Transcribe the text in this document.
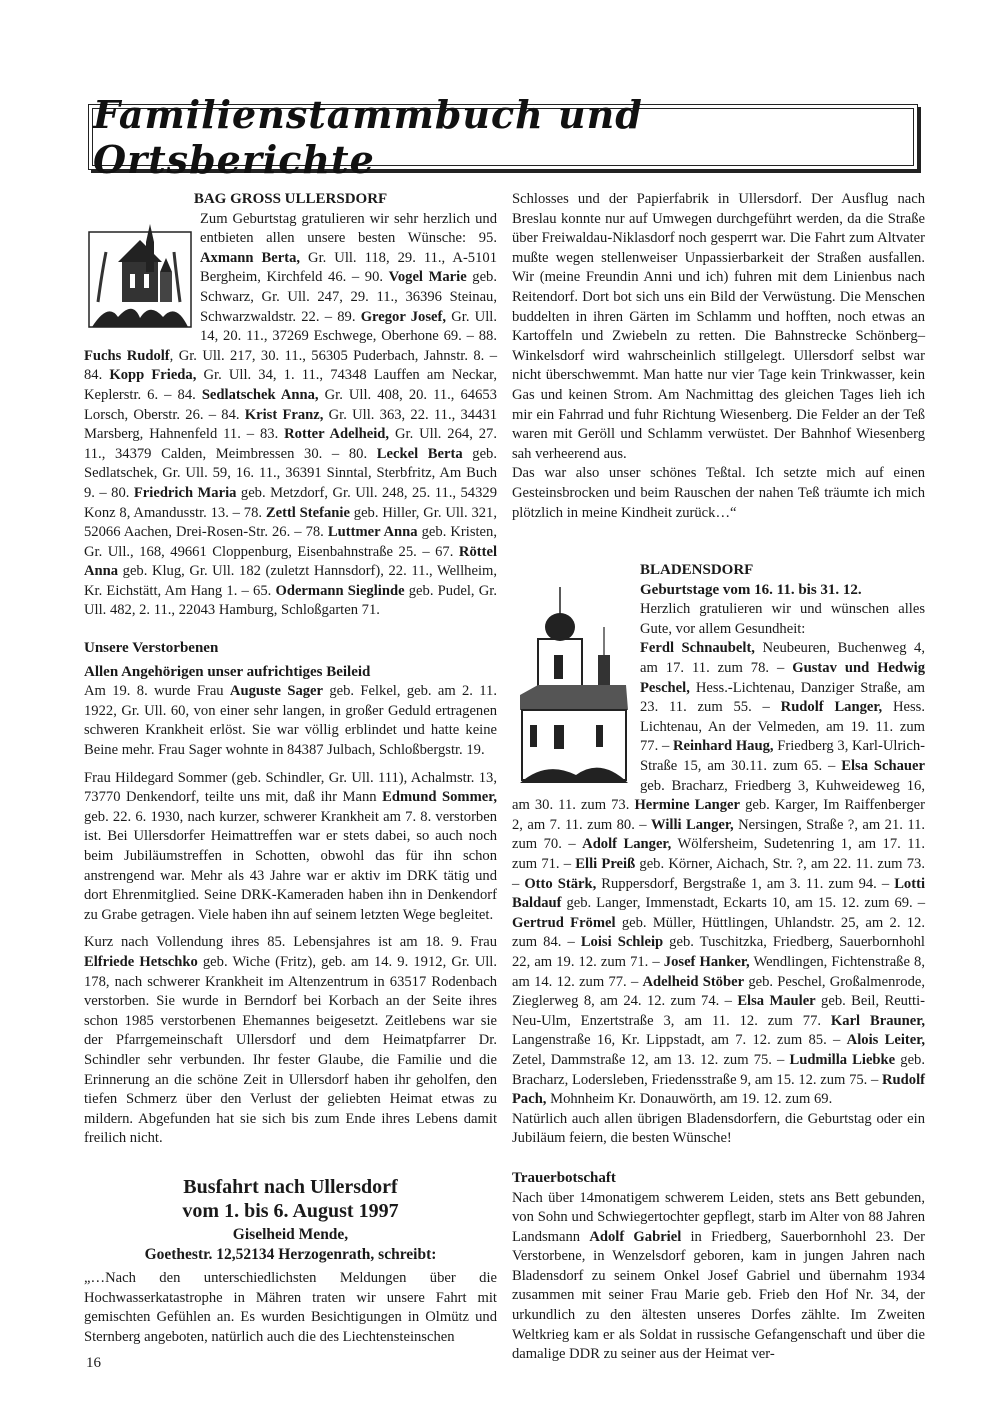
Familienstammbuch und Ortsberichte

BAG GROSS ULLERSDORF

Zum Geburtstag gratulieren wir sehr herzlich und entbieten allen unsere besten Wünsche: 95. Axmann Berta, Gr. Ull. 118, 29. 11., A-5101 Bergheim, Kirchfeld 46. – 90. Vogel Marie geb. Schwarz, Gr. Ull. 247, 29. 11., 36396 Steinau, Schwarzwaldstr. 22. – 89. Gregor Josef, Gr. Ull. 14, 20. 11., 37269 Eschwege, Oberhone 69. – 88. Fuchs Rudolf, Gr. Ull. 217, 30. 11., 56305 Puderbach, Jahnstr. 8. – 84. Kopp Frieda, Gr. Ull. 34, 1. 11., 74348 Lauffen am Neckar, Keplerstr. 6. – 84. Sedlatschek Anna, Gr. Ull. 408, 20. 11., 64653 Lorsch, Oberstr. 26. – 84. Krist Franz, Gr. Ull. 363, 22. 11., 34431 Marsberg, Hahnenfeld 11. – 83. Rotter Adelheid, Gr. Ull. 264, 27. 11., 34379 Calden, Meimbressen 30. – 80. Leckel Berta geb. Sedlatschek, Gr. Ull. 59, 16. 11., 36391 Sinntal, Sterbfritz, Am Buch 9. – 80. Friedrich Maria geb. Metzdorf, Gr. Ull. 248, 25. 11., 54329 Konz 8, Amandusstr. 13. – 78. Zettl Stefanie geb. Hiller, Gr. Ull. 321, 52066 Aachen, Drei-Rosen-Str. 26. – 78. Luttmer Anna geb. Kristen, Gr. Ull., 168, 49661 Cloppenburg, Eisenbahnstraße 25. – 67. Röttel Anna geb. Klug, Gr. Ull. 182 (zuletzt Hannsdorf), 22. 11., Wellheim, Kr. Eichstätt, Am Hang 1. – 65. Odermann Sieglinde geb. Pudel, Gr. Ull. 482, 2. 11., 22043 Hamburg, Schloßgarten 71.

Unsere Verstorbenen

Allen Angehörigen unser aufrichtiges Beileid

Am 19. 8. wurde Frau Auguste Sager geb. Felkel, geb. am 2. 11. 1922, Gr. Ull. 60, von einer sehr langen, in großer Geduld ertragenen schweren Krankheit erlöst. Sie war völlig erblindet und hatte keine Beine mehr. Frau Sager wohnte in 84387 Julbach, Schloßbergstr. 19.

Frau Hildegard Sommer (geb. Schindler, Gr. Ull. 111), Achalmstr. 13, 73770 Denkendorf, teilte uns mit, daß ihr Mann Edmund Sommer, geb. 22. 6. 1930, nach kurzer, schwerer Krankheit am 7. 8. verstorben ist. Bei Ullersdorfer Heimattreffen war er stets dabei, so auch noch beim Jubiläumstreffen in Schotten, obwohl das für ihn schon anstrengend war. Mehr als 43 Jahre war er aktiv im DRK tätig und dort Ehrenmitglied. Seine DRK-Kameraden haben ihn in Denkendorf zu Grabe getragen. Viele haben ihn auf seinem letzten Wege begleitet.

Kurz nach Vollendung ihres 85. Lebensjahres ist am 18. 9. Frau Elfriede Hetschko geb. Wiche (Fritz), geb. am 14. 9. 1912, Gr. Ull. 178, nach schwerer Krankheit im Altenzentrum in 63517 Rodenbach verstorben. Sie wurde in Berndorf bei Korbach an der Seite ihres schon 1985 verstorbenen Ehemannes beigesetzt. Zeitlebens war sie der Pfarrgemeinschaft Ullersdorf und dem Heimatpfarrer Dr. Schindler sehr verbunden. Ihr fester Glaube, die Familie und die Erinnerung an die schöne Zeit in Ullersdorf haben ihr geholfen, den tiefen Schmerz über den Verlust der geliebten Heimat etwas zu mildern. Abgefunden hat sie sich bis zum Ende ihres Lebens damit freilich nicht.

Busfahrt nach Ullersdorf

vom 1. bis 6. August 1997

Giselheid Mende,

Goethestr. 12,52134 Herzogenrath, schreibt:

„…Nach den unterschiedlichsten Meldungen über die Hochwasserkatastrophe in Mähren traten wir unsere Fahrt mit gemischten Gefühlen an. Es wurden Besichtigungen in Olmütz und Sternberg angeboten, natürlich auch die des Liechtensteinschen

Schlosses und der Papierfabrik in Ullersdorf. Der Ausflug nach Breslau konnte nur auf Umwegen durchgeführt werden, da die Straße über Freiwaldau-Niklasdorf noch gesperrt war. Die Fahrt zum Altvater mußte wegen stellenweiser Unpassierbarkeit der Straßen ausfallen. Wir (meine Freundin Anni und ich) fuhren mit dem Linienbus nach Reitendorf. Dort bot sich uns ein Bild der Verwüstung. Die Menschen buddelten in ihren Gärten im Schlamm und hofften, noch etwas an Kartoffeln und Zwiebeln zu retten. Die Bahnstrecke Schönberg–Winkelsdorf wird wahrscheinlich stillgelegt. Ullersdorf selbst war nicht überschwemmt. Man hatte nur vier Tage kein Trinkwasser, kein Gas und keinen Strom. Am Nachmittag des gleichen Tages lieh ich mir ein Fahrrad und fuhr Richtung Wiesenberg. Die Felder an der Teß waren mit Geröll und Schlamm verwüstet. Der Bahnhof Wiesenberg sah verheerend aus.

Das war also unser schönes Teßtal. Ich setzte mich auf einen Gesteinsbrocken und beim Rauschen der nahen Teß träumte ich mich plötzlich in meine Kindheit zurück…“

BLADENSDORF

Geburtstage vom 16. 11. bis 31. 12.

Herzlich gratulieren wir und wünschen alles Gute, vor allem Gesundheit:

Ferdl Schnaubelt, Neubeuren, Buchenweg 4, am 17. 11. zum 78. – Gustav und Hedwig Peschel, Hess.-Lichtenau, Danziger Straße, am 23. 11. zum 55. – Rudolf Langer, Hess. Lichtenau, An der Velmeden, am 19. 11. zum 77. – Reinhard Haug, Friedberg 3, Karl-Ulrich-Straße 15, am 30.11. zum 65. – Elsa Schauer geb. Bracharz, Friedberg 3, Kuhweideweg 16, am 30. 11. zum 73. Hermine Langer geb. Karger, Im Raiffenberger 2, am 7. 11. zum 80. – Willi Langer, Nersingen, Straße ?, am 21. 11. zum 70. – Adolf Langer, Wölfersheim, Sudetenring 1, am 17. 11. zum 71. – Elli Preiß geb. Körner, Aichach, Str. ?, am 22. 11. zum 73. – Otto Stärk, Ruppersdorf, Bergstraße 1, am 3. 11. zum 94. – Lotti Baldauf geb. Langer, Immenstadt, Eckarts 10, am 15. 12. zum 69. – Gertrud Frömel geb. Müller, Hüttlingen, Uhlandstr. 25, am 2. 12. zum 84. – Loisi Schleip geb. Tuschitzka, Friedberg, Sauerbornhohl 22, am 19. 12. zum 71. – Josef Hanker, Wendlingen, Fichtenstraße 8, am 14. 12. zum 77. – Adelheid Stöber geb. Peschel, Großalmenrode, Zieglerweg 8, am 24. 12. zum 74. – Elsa Mauler geb. Beil, Reutti-Neu-Ulm, Enzertstraße 3, am 11. 12. zum 77. Karl Brauner, Langenstraße 16, Kr. Lippstadt, am 7. 12. zum 85. – Alois Leiter, Zetel, Dammstraße 12, am 13. 12. zum 75. – Ludmilla Liebke geb. Bracharz, Lodersleben, Friedensstraße 9, am 15. 12. zum 75. – Rudolf Pach, Mohnheim Kr. Donauwörth, am 19. 12. zum 69.

Natürlich auch allen übrigen Bladensdorfern, die Geburtstag oder ein Jubiläum feiern, die besten Wünsche!

Trauerbotschaft

Nach über 14monatigem schwerem Leiden, stets ans Bett gebunden, von Sohn und Schwiegertochter gepflegt, starb im Alter von 88 Jahren Landsmann Adolf Gabriel in Friedberg, Sauerbornhohl 23. Der Verstorbene, in Wenzelsdorf geboren, kam in jungen Jahren nach Bladensdorf zu seinem Onkel Josef Gabriel und übernahm 1934 zusammen mit seiner Frau Marie geb. Frieb den Hof Nr. 34, der urkundlich zu den ältesten unseres Dorfes zählte. Im Zweiten Weltkrieg kam er als Soldat in russische Gefangenschaft und über die damalige DDR zu seiner aus der Heimat ver-

16
